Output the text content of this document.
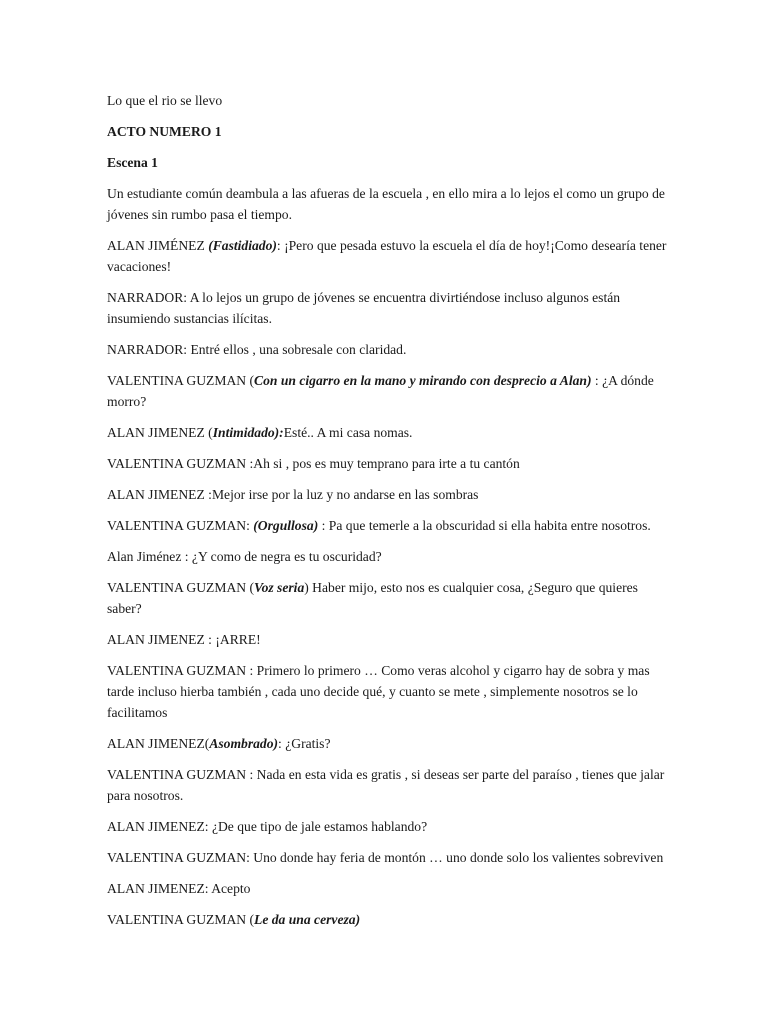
Lo que el rio se llevo

ACTO NUMERO 1

Escena 1

Un estudiante común deambula a las afueras de la escuela , en ello mira a lo lejos el como un grupo de jóvenes sin rumbo pasa el tiempo.

ALAN JIMÉNEZ (Fastidiado): ¡Pero que pesada estuvo la escuela el día de hoy!¡Como desearía tener vacaciones!

NARRADOR: A lo lejos un grupo de jóvenes se encuentra divirtiéndose incluso algunos están insumiendo sustancias ilícitas.

NARRADOR: Entré ellos , una sobresale con claridad.

VALENTINA GUZMAN (Con un cigarro en la mano y mirando con desprecio a Alan) : ¿A dónde morro?

ALAN JIMENEZ (Intimidado):Esté.. A mi casa nomas.

VALENTINA GUZMAN :Ah si , pos es muy temprano para irte a tu cantón

ALAN JIMENEZ :Mejor irse por la luz y no andarse en las sombras

VALENTINA GUZMAN: (Orgullosa) : Pa que temerle a la obscuridad si ella habita entre nosotros.

Alan Jiménez : ¿Y como de negra es tu oscuridad?

VALENTINA GUZMAN (Voz seria) Haber mijo, esto nos es cualquier cosa, ¿Seguro que quieres saber?

ALAN JIMENEZ : ¡ARRE!

VALENTINA GUZMAN : Primero lo primero … Como veras alcohol y cigarro hay de sobra y mas tarde incluso hierba también , cada uno decide qué, y cuanto se mete , simplemente nosotros se lo facilitamos

ALAN JIMENEZ(Asombrado): ¿Gratis?

VALENTINA GUZMAN : Nada en esta vida es gratis , si deseas ser parte del paraíso , tienes que jalar para nosotros.

ALAN JIMENEZ: ¿De que tipo de jale estamos hablando?

VALENTINA GUZMAN: Uno donde hay feria de montón … uno donde solo los valientes sobreviven

ALAN JIMENEZ: Acepto

VALENTINA GUZMAN (Le da una cerveza)
